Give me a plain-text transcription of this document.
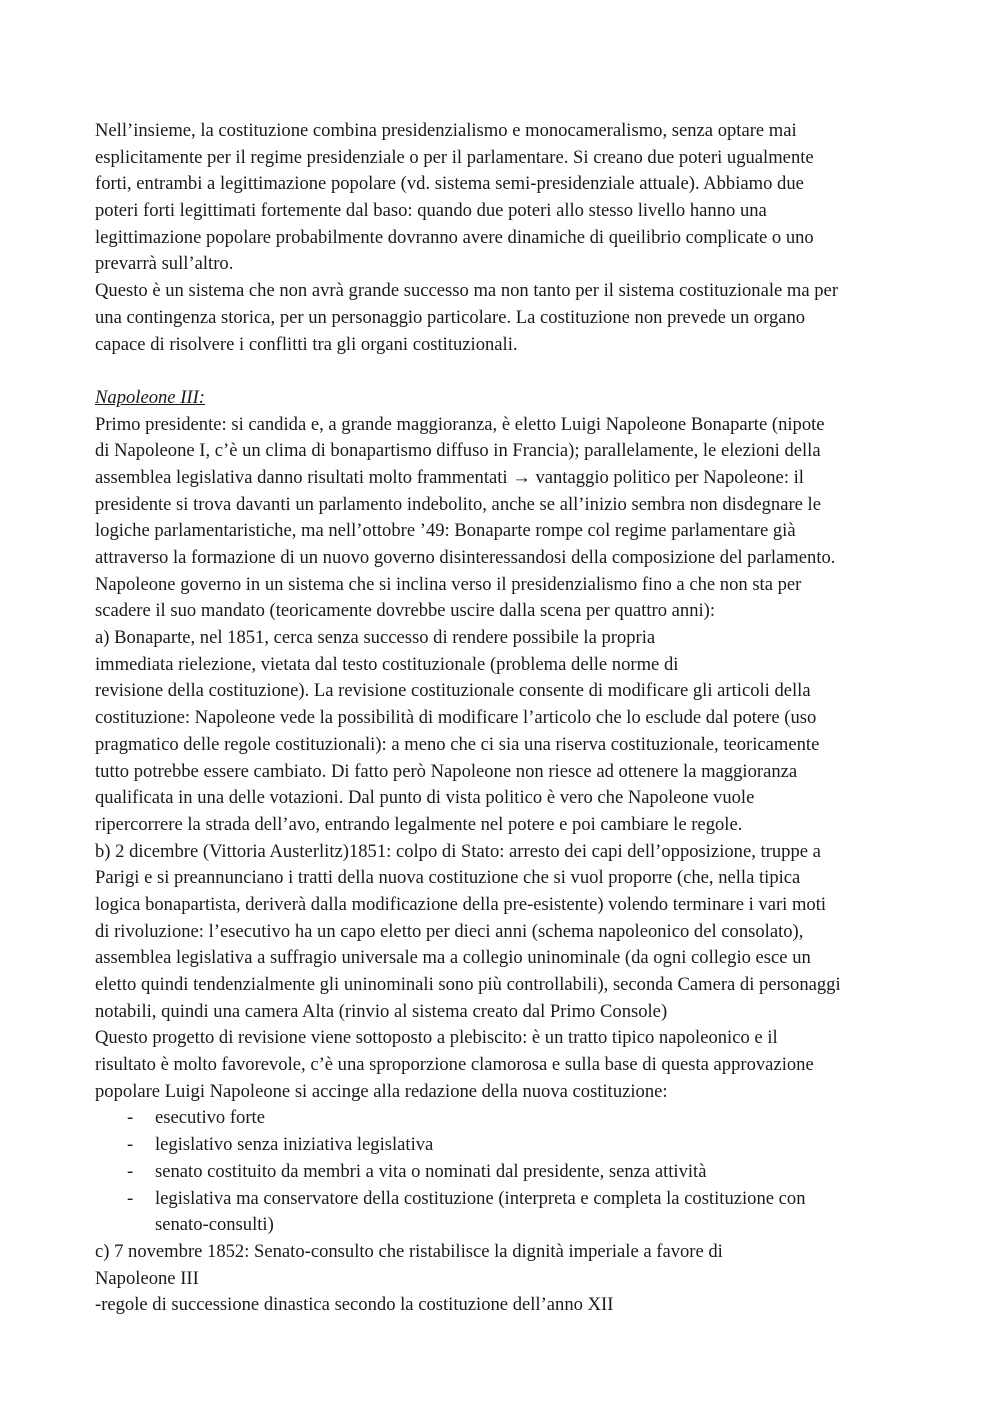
Nell’insieme, la costituzione combina presidenzialismo e monocameralismo, senza optare mai
esplicitamente per il regime presidenziale o per il parlamentare. Si creano due poteri ugualmente
forti, entrambi a legittimazione popolare (vd. sistema semi-presidenziale attuale). Abbiamo due
poteri forti legittimati fortemente dal baso: quando due poteri allo stesso livello hanno una
legittimazione popolare probabilmente dovranno avere dinamiche di queilibrio complicate o uno
prevarrà sull’altro.
Questo è un sistema che non avrà grande successo ma non tanto per il sistema costituzionale ma per
una contingenza storica, per un personaggio particolare. La costituzione non prevede un organo
capace di risolvere i conflitti tra gli organi costituzionali.
Napoleone III:
Primo presidente: si candida e, a grande maggioranza, è eletto Luigi Napoleone Bonaparte (nipote
di Napoleone I, c’è un clima di bonapartismo diffuso in Francia); parallelamente, le elezioni della
assemblea legislativa danno risultati molto frammentati → vantaggio politico per Napoleone: il
presidente si trova davanti un parlamento indebolito, anche se all’inizio sembra non disdegnare le
logiche parlamentaristiche, ma nell’ottobre ’49: Bonaparte rompe col regime parlamentare già
attraverso la formazione di un nuovo governo disinteressandosi della composizione del parlamento.
Napoleone governo in un sistema che si inclina verso il presidenzialismo fino a che non sta per
scadere il suo mandato (teoricamente dovrebbe uscire dalla scena per quattro anni):
a) Bonaparte, nel 1851, cerca senza successo di rendere possibile la propria
immediata rielezione, vietata dal testo costituzionale (problema delle norme di
revisione della costituzione). La revisione costituzionale consente di modificare gli articoli della
costituzione: Napoleone vede la possibilità di modificare l’articolo che lo esclude dal potere (uso
pragmatico delle regole costituzionali): a meno che ci sia una riserva costituzionale, teoricamente
tutto potrebbe essere cambiato. Di fatto però Napoleone non riesce ad ottenere la maggioranza
qualificata in una delle votazioni. Dal punto di vista politico è vero che Napoleone vuole
ripercorrere la strada dell’avo, entrando legalmente nel potere e poi cambiare le regole.
b) 2 dicembre (Vittoria Austerlitz)1851: colpo di Stato: arresto dei capi dell’opposizione, truppe a
Parigi e si preannunciano i tratti della nuova costituzione che si vuol proporre (che, nella tipica
logica bonapartista, deriverà dalla modificazione della pre-esistente) volendo terminare i vari moti
di rivoluzione: l’esecutivo ha un capo eletto per dieci anni (schema napoleonico del consolato),
assemblea legislativa a suffragio universale ma a collegio uninominale (da ogni collegio esce un
eletto quindi tendenzialmente gli uninominali sono più controllabili), seconda Camera di personaggi
notabili, quindi una camera Alta (rinvio al sistema creato dal Primo Console)
Questo progetto di revisione viene sottoposto a plebiscito: è un tratto tipico napoleonico e il
risultato è molto favorevole, c’è una sproporzione clamorosa e sulla base di questa approvazione
popolare Luigi Napoleone si accinge alla redazione della nuova costituzione:
-	esecutivo forte
-	legislativo senza iniziativa legislativa
-	senato costituito da membri a vita o nominati dal presidente, senza attività
-	legislativa ma conservatore della costituzione (interpreta e completa la costituzione con
senato-consulti)
c) 7 novembre 1852: Senato-consulto che ristabilisce la dignità imperiale a favore di
Napoleone III
-regole di successione dinastica secondo la costituzione dell’anno XII
